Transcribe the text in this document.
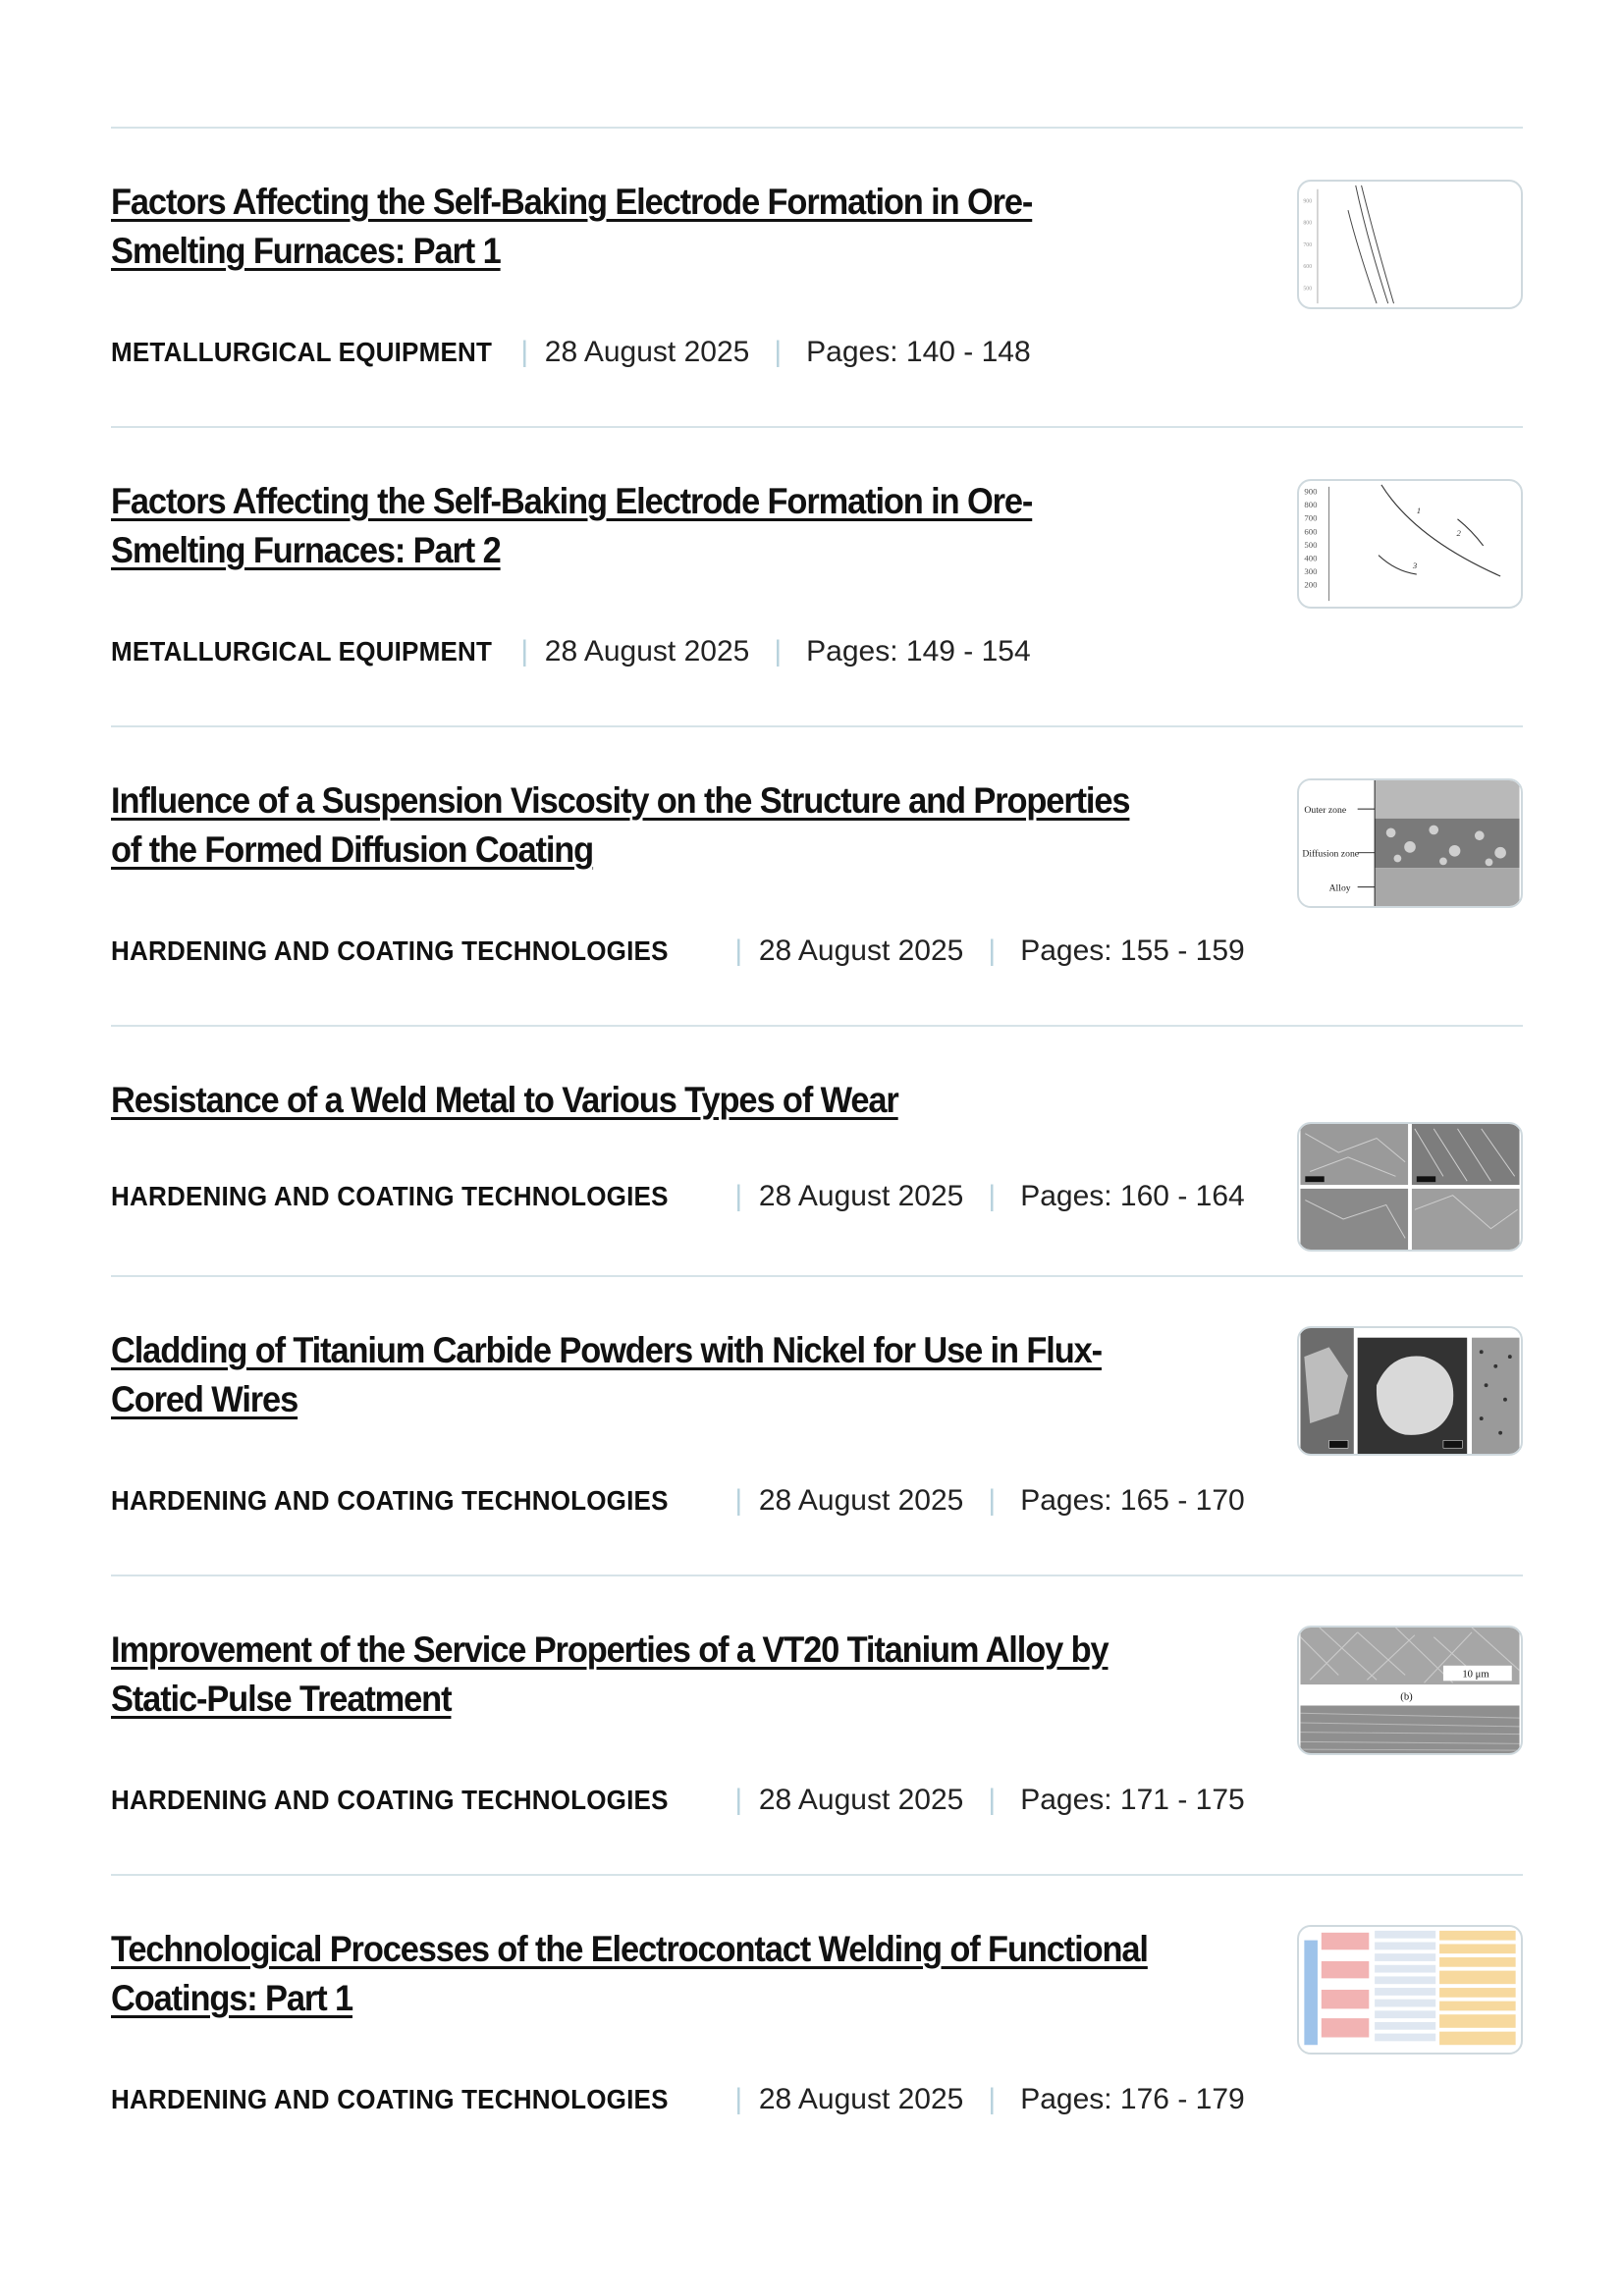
Factors Affecting the Self-Baking Electrode Formation in Ore-Smelting Furnaces: Part 1
METALLURGICAL EQUIPMENT | 28 August 2025 | Pages: 140 - 148
900
800
700
600
500
Factors Affecting the Self-Baking Electrode Formation in Ore-Smelting Furnaces: Part 2
METALLURGICAL EQUIPMENT | 28 August 2025 | Pages: 149 - 154
900
800
700
600
500
400
300
200
1
2
3
Influence of a Suspension Viscosity on the Structure and Properties of the Formed Diffusion Coating
HARDENING AND COATING TECHNOLOGIES | 28 August 2025 | Pages: 155 - 159
Outer zone
Diffusion zone
Alloy
Resistance of a Weld Metal to Various Types of Wear
HARDENING AND COATING TECHNOLOGIES | 28 August 2025 | Pages: 160 - 164
Cladding of Titanium Carbide Powders with Nickel for Use in Flux-Cored Wires
HARDENING AND COATING TECHNOLOGIES | 28 August 2025 | Pages: 165 - 170
Improvement of the Service Properties of a VT20 Titanium Alloy by Static-Pulse Treatment
HARDENING AND COATING TECHNOLOGIES | 28 August 2025 | Pages: 171 - 175
10 μm
(b)
Technological Processes of the Electrocontact Welding of Functional Coatings: Part 1
HARDENING AND COATING TECHNOLOGIES | 28 August 2025 | Pages: 176 - 179
